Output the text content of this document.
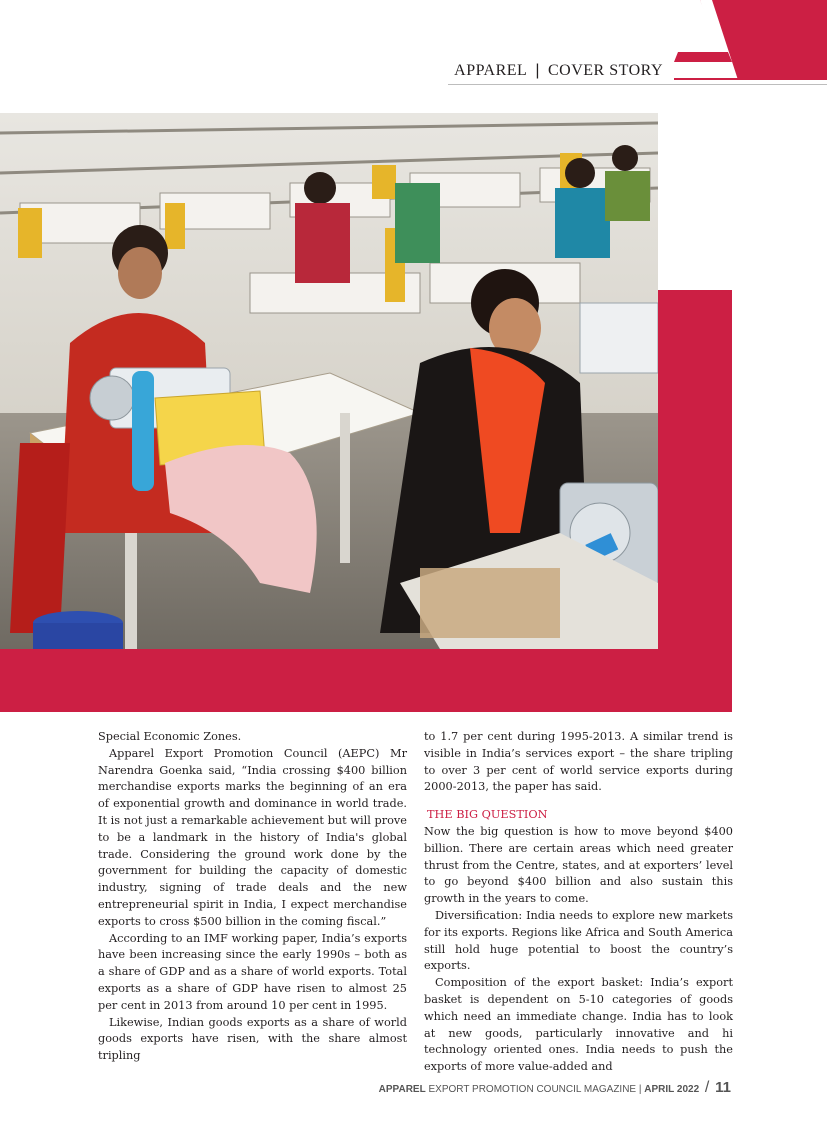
APPAREL | COVER STORY

Special Economic Zones.

Apparel Export Promotion Council (AEPC) Mr Narendra Goenka said, “India crossing $400 billion merchandise exports marks the beginning of an era of exponential growth and dominance in world trade. It is not just a remarkable achievement but will prove to be a landmark in the history of India's global trade. Considering the ground work done by the government for building the capacity of domestic industry, signing of trade deals and the new entrepreneurial spirit in India, I expect merchandise exports to cross $500 billion in the coming fiscal.”

According to an IMF working paper, India’s exports have been increasing since the early 1990s – both as a share of GDP and as a share of world exports. Total exports as a share of GDP have risen to almost 25 per cent in 2013 from around 10 per cent in 1995.

Likewise, Indian goods exports as a share of world goods exports have risen, with the share almost tripling

to 1.7 per cent during 1995-2013. A similar trend is visible in India’s services export – the share tripling to over 3 per cent of world service exports during 2000-2013, the paper has said.

THE BIG QUESTION

Now the big question is how to move beyond $400 billion. There are certain areas which need greater thrust from the Centre, states, and at exporters’ level to go beyond $400 billion and also sustain this growth in the years to come.

Diversification: India needs to explore new markets for its exports. Regions like Africa and South America still hold huge potential to boost the country’s exports.

Composition of the export basket: India’s export basket is dependent on 5-10 categories of goods which need an immediate change. India has to look at new goods, particularly innovative and hi technology oriented ones. India needs to push the exports of more value-added and

APPAREL EXPORT PROMOTION COUNCIL MAGAZINE | APRIL 2022 / 11
